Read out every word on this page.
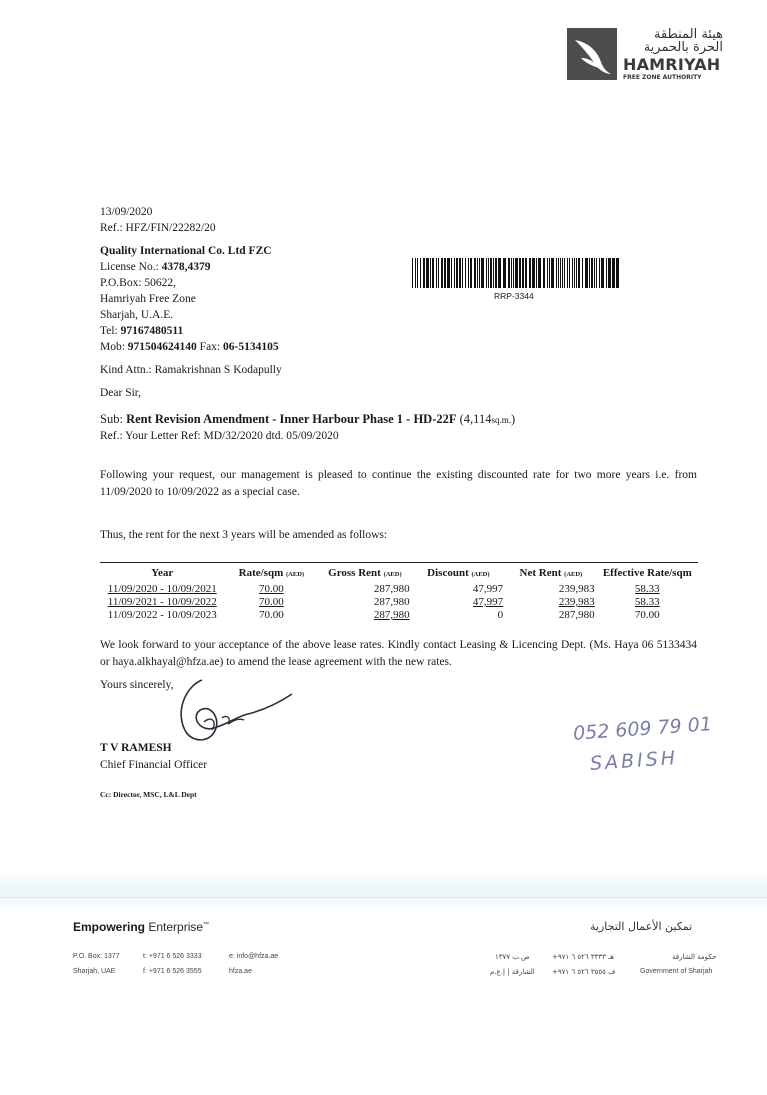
هيئة المنطقة
الحرة بالحمرية
HAMRIYAH
FREE ZONE AUTHORITY
13/09/2020
Ref.: HFZ/FIN/22282/20
Quality International Co. Ltd FZC
License No.: 4378,4379
P.O.Box: 50622,
Hamriyah Free Zone
Sharjah, U.A.E.
Tel: 97167480511
Mob: 971504624140 Fax: 06-5134105
RRP-3344
Kind Attn.: Ramakrishnan S Kodapully
Dear Sir,
Sub: Rent Revision Amendment - Inner Harbour Phase 1 - HD-22F (4,114sq.m.)
Ref.: Your Letter Ref: MD/32/2020 dtd. 05/09/2020
Following your request, our management is pleased to continue the existing discounted rate for two more years i.e. from 11/09/2020 to 10/09/2022 as a special case.
Thus, the rent for the next 3 years will be amended as follows:
Year	Rate/sqm (AED)	Gross Rent (AED)	Discount (AED)	Net Rent (AED)	Effective Rate/sqm
11/09/2020 - 10/09/2021	70.00	287,980	47,997	239,983	58.33
11/09/2021 - 10/09/2022	70.00	287,980	47,997	239,983	58.33
11/09/2022 - 10/09/2023	70.00	287,980	0	287,980	70.00
We look forward to your acceptance of the above lease rates. Kindly contact Leasing & Licencing Dept. (Ms. Haya 06 5133434 or haya.alkhayal@hfza.ae) to amend the lease agreement with the new rates.
Yours sincerely,
T V RAMESH
Chief Financial Officer
Cc: Director, MSC, L&L Dept
052 609 79 01
SABISH
Empowering Enterprise™	تمكين الأعمال التجارية
P.O. Box: 1377
Sharjah, UAE
t: +971 6 526 3333
f: +971 6 526 3555
e: info@hfza.ae
hfza.ae
ص.ب ١٣٧٧
الشارقة | إ.ع.م
هـ ٣٣٣٣ ٥٢٦ ٦ ٩٧١+
ف ٣٥٥٥ ٥٢٦ ٦ ٩٧١+
حكومة الشارقة
Government of Sharjah
